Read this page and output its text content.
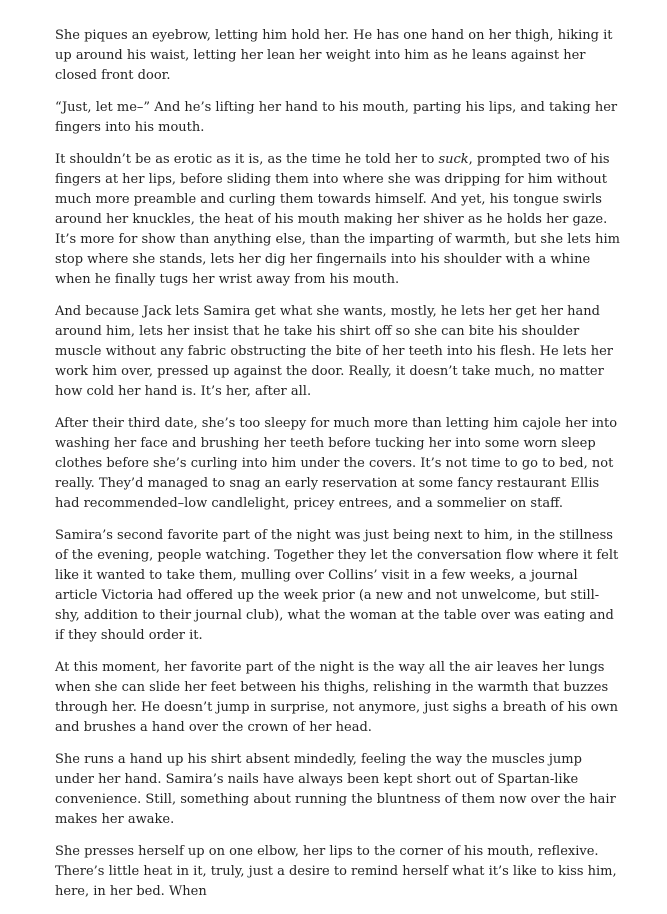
She piques an eyebrow, letting him hold her. He has one hand on her thigh, hiking it up around his waist, letting her lean her weight into him as he leans against her closed front door.

“Just, let me–” And he’s lifting her hand to his mouth, parting his lips, and taking her fingers into his mouth.

It shouldn’t be as erotic as it is, as the time he told her to suck, prompted two of his fingers at her lips, before sliding them into where she was dripping for him without much more preamble and curling them towards himself. And yet, his tongue swirls around her knuckles, the heat of his mouth making her shiver as he holds her gaze. It’s more for show than anything else, than the imparting of warmth, but she lets him stop where she stands, lets her dig her fingernails into his shoulder with a whine when he finally tugs her wrist away from his mouth.

And because Jack lets Samira get what she wants, mostly, he lets her get her hand around him, lets her insist that he take his shirt off so she can bite his shoulder muscle without any fabric obstructing the bite of her teeth into his flesh. He lets her work him over, pressed up against the door. Really, it doesn’t take much, no matter how cold her hand is. It’s her, after all.

After their third date, she’s too sleepy for much more than letting him cajole her into washing her face and brushing her teeth before tucking her into some worn sleep clothes before she’s curling into him under the covers. It’s not time to go to bed, not really. They’d managed to snag an early reservation at some fancy restaurant Ellis had recommended–low candlelight, pricey entrees, and a sommelier on staff.

Samira’s second favorite part of the night was just being next to him, in the stillness of the evening, people watching. Together they let the conversation flow where it felt like it wanted to take them, mulling over Collins’ visit in a few weeks, a journal article Victoria had offered up the week prior (a new and not unwelcome, but still-shy, addition to their journal club), what the woman at the table over was eating and if they should order it.

At this moment, her favorite part of the night is the way all the air leaves her lungs when she can slide her feet between his thighs, relishing in the warmth that buzzes through her. He doesn’t jump in surprise, not anymore, just sighs a breath of his own and brushes a hand over the crown of her head.

She runs a hand up his shirt absent mindedly, feeling the way the muscles jump under her hand. Samira’s nails have always been kept short out of Spartan-like convenience. Still, something about running the bluntness of them now over the hair makes her awake.

She presses herself up on one elbow, her lips to the corner of his mouth, reflexive. There’s little heat in it, truly, just a desire to remind herself what it’s like to kiss him, here, in her bed. When
